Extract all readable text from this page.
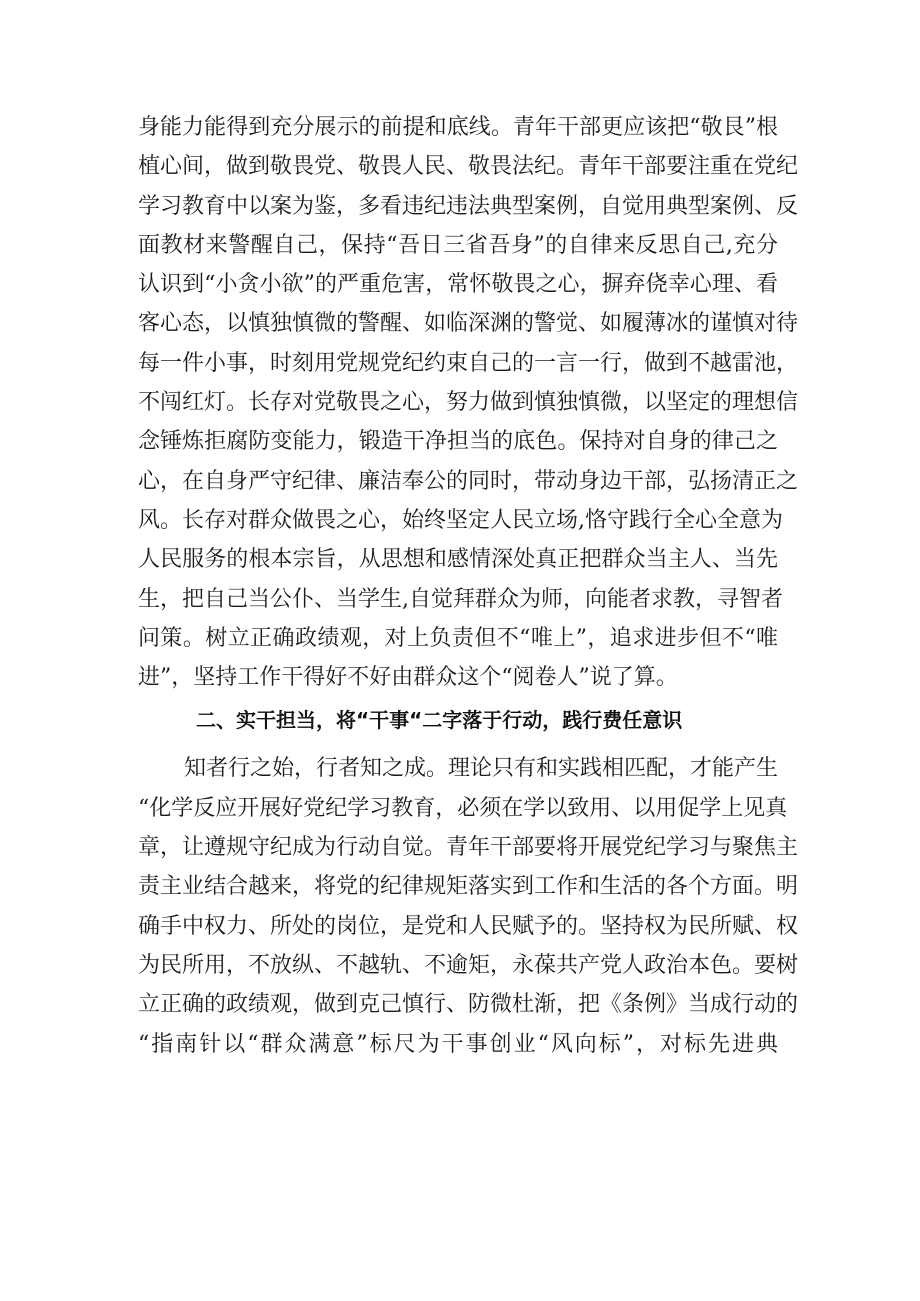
身能力能得到充分展示的前提和底线。青年干部更应该把“敬艮”根
植心间，做到敬畏党、敬畏人民、敬畏法纪。青年干部要注重在党纪
学习教育中以案为鉴，多看违纪违法典型案例，自觉用典型案例、反
面教材来警醒自己，保持“吾日三省吾身”的自律来反思自己,充分
认识到“小贪小欲”的严重危害，常怀敬畏之心，摒弃侥幸心理、看
客心态，以慎独慎微的警醒、如临深渊的警觉、如履薄冰的谨慎对待
每一件小事，时刻用党规党纪约束自己的一言一行，做到不越雷池，
不闯红灯。长存对党敬畏之心，努力做到慎独慎微，以坚定的理想信
念锤炼拒腐防变能力，锻造干净担当的底色。保持对自身的律己之
心，在自身严守纪律、廉洁奉公的同时，带动身边干部，弘扬清正之
风。长存对群众做畏之心，始终坚定人民立场,恪守践行全心全意为
人民服务的根本宗旨，从思想和感情深处真正把群众当主人、当先
生，把自己当公仆、当学生,自觉拜群众为师，向能者求教，寻智者
问策。树立正确政绩观，对上负责但不“唯上”，追求进步但不“唯
进”，坚持工作干得好不好由群众这个“阅卷人”说了算。
二、实干担当，将“干事“二字落于行动，践行费任意识
知者行之始，行者知之成。理论只有和实践相匹配，才能产生
“化学反应开展好党纪学习教育，必须在学以致用、以用促学上见真
章，让遵规守纪成为行动自觉。青年干部要将开展党纪学习与聚焦主
责主业结合越来，将党的纪律规矩落实到工作和生活的各个方面。明
确手中权力、所处的岗位，是党和人民赋予的。坚持权为民所赋、权
为民所用，不放纵、不越轨、不逾矩，永葆共产党人政治本色。要树
立正确的政绩观，做到克己慎行、防微杜渐，把《条例》当成行动的
“指南针以“群众满意”标尺为干事创业“风向标”，对标先进典
